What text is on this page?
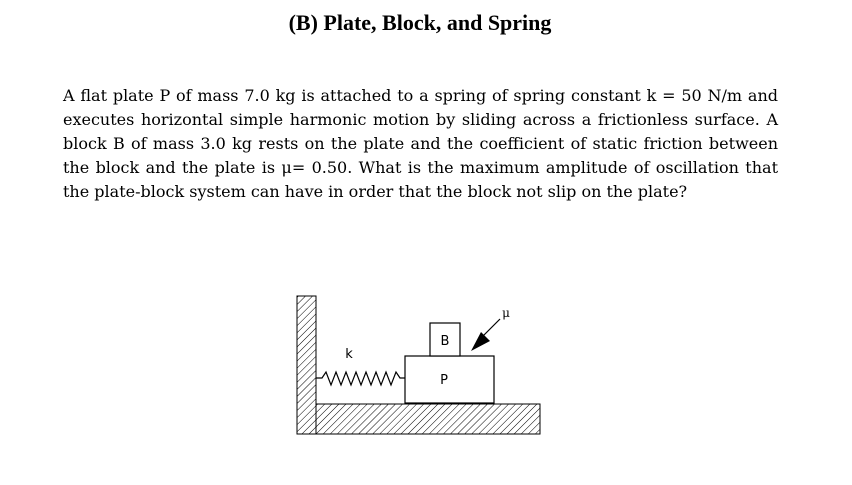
(B) Plate, Block, and Spring

A flat plate P of mass 7.0 kg is attached to a spring of spring constant k = 50 N/m and executes horizontal simple harmonic motion by sliding across a frictionless surface. A block B of mass 3.0 kg rests on the plate and the coefficient of static friction between the block and the plate is μ= 0.50. What is the maximum amplitude of oscillation that the plate-block system can have in order that the block not slip on the plate?

k
P
B
μ
